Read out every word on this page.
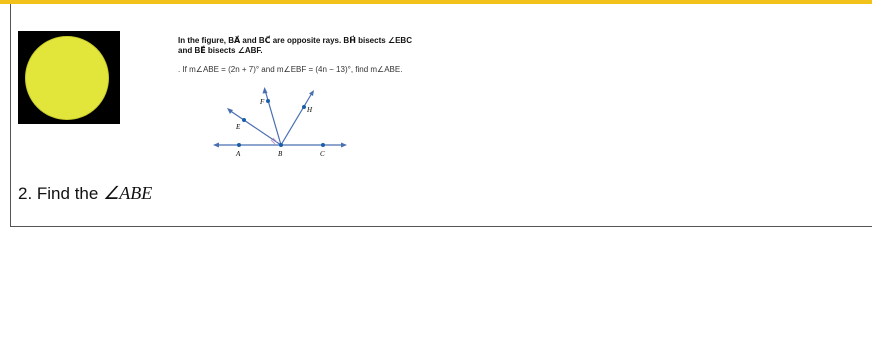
In the figure, BA⃗ and BC⃗ are opposite rays. BH⃗ bisects ∠EBC
and BE⃗ bisects ∠ABF.
. If m∠ABE = (2n + 7)° and m∠EBF = (4n − 13)°, find m∠ABE.
A	B	C
E
F
H
2. Find the ∠ABE
